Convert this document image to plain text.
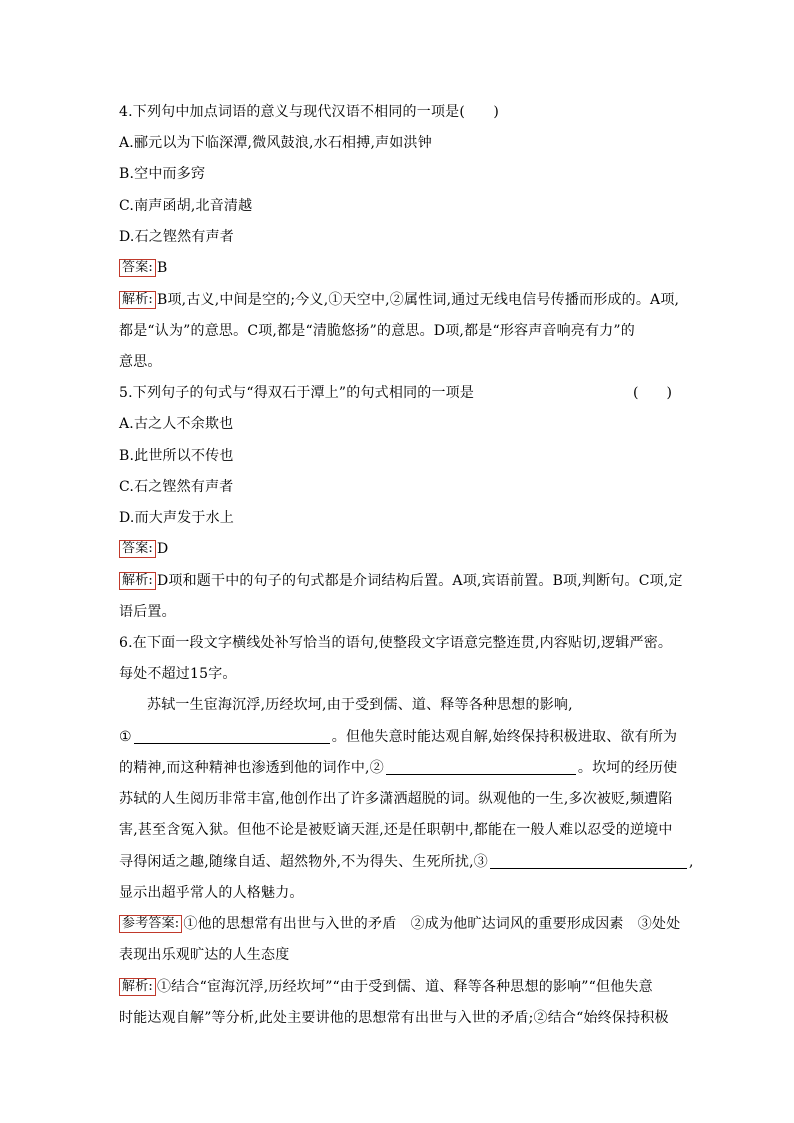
4.下列句中加点词语的意义与现代汉语不相同的一项是(　　)
A.郦元以为下临深潭,微风鼓浪,水石相搏,声如洪钟
B.空中而多窍
C.南声函胡,北音清越
D.石之铿然有声者
答案: B
解析: B项,古义,中间是空的;今义,①天空中,②属性词,通过无线电信号传播而形成的。A项,
都是“认为”的意思。C项,都是“清脆悠扬”的意思。D项,都是“形容声音响亮有力”的
意思。
5.下列句子的句式与“得双石于潭上”的句式相同的一项是	(　　)
A.古之人不余欺也
B.此世所以不传也
C.石之铿然有声者
D.而大声发于水上
答案: D
解析: D项和题干中的句子的句式都是介词结构后置。A项,宾语前置。B项,判断句。C项,定
语后置。
6.在下面一段文字横线处补写恰当的语句,使整段文字语意完整连贯,内容贴切,逻辑严密。
每处不超过15字。
苏轼一生宦海沉浮,历经坎坷,由于受到儒、道、释等各种思想的影响,
①	。但他失意时能达观自解,始终保持积极进取、欲有所为
的精神,而这种精神也渗透到他的词作中,②	。坎坷的经历使
苏轼的人生阅历非常丰富,他创作出了许多潇洒超脱的词。纵观他的一生,多次被贬,频遭陷
害,甚至含冤入狱。但他不论是被贬谪天涯,还是任职朝中,都能在一般人难以忍受的逆境中
寻得闲适之趣,随缘自适、超然物外,不为得失、生死所扰,③	,
显示出超乎常人的人格魅力。
参考答案: ①他的思想常有出世与入世的矛盾　②成为他旷达词风的重要形成因素　③处处
表现出乐观旷达的人生态度
解析: ①结合“宦海沉浮,历经坎坷”“由于受到儒、道、释等各种思想的影响”“但他失意
时能达观自解”等分析,此处主要讲他的思想常有出世与入世的矛盾;②结合“始终保持积极
